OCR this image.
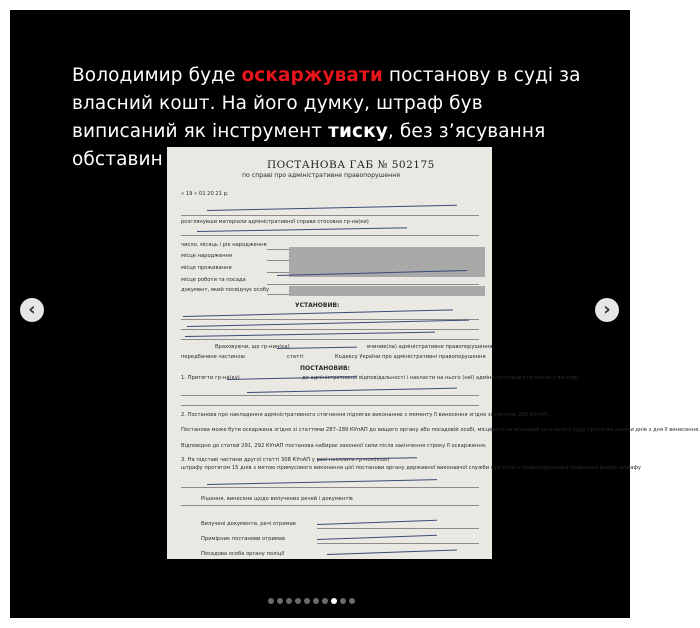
Володимир буде оскаржувати постанову в суді за власний кошт. На його думку, штраф був виписаний як інструмент тиску, без з’ясування обставин	ПОСТАНОВА ГАБ № 502175
по справі про адміністративне правопорушення
« 19 » 01 20 21 р.
розглянувши матеріали адміністративної справи стосовно гр-на(ки)
число, місяць і рік народження
місце народження
місце проживання
місце роботи та посада
документ, який посвідчує особу
УСТАНОВИВ:
Враховуючи, що гр-нин(ка)	вчинив(ла) адміністративне правопорушення,
передбачене частиною	статті	Кодексу України про адміністративні правопорушення
ПОСТАНОВИВ:
1. Притягти гр-на(ку)	до адміністративної відповідальності і накласти на нього (неї) адміністративне стягнення у вигляді
2. Постанова про накладення адміністративного стягнення підлягає виконанню з моменту її винесення згідно зі статтею 299 КУпАП.
Постанова може бути оскаржена згідно зі статтями 287–289 КУпАП до вищого органу або посадовій особі, місцевого чи місцевий загального суду протягом десяти днів з дня її винесення.
Відповідно до статей 291, 292 КУпАП постанова набирає законної сили після закінчення строку її оскарження.
3. На підставі частини другої статті 308 КУпАП у разі несплати гр-ном(кою)
штрафу протягом 15 днів з метою примусового виконання цієї постанови органу державної виконавчої служби стягнути з правопорушника подвійний розмір штрафу
Рішення, винесене щодо вилучених речей і документів
Вилучені документи, речі отримав
Примірник постанови отримав
Посадова особа органу поліції
‹	›
